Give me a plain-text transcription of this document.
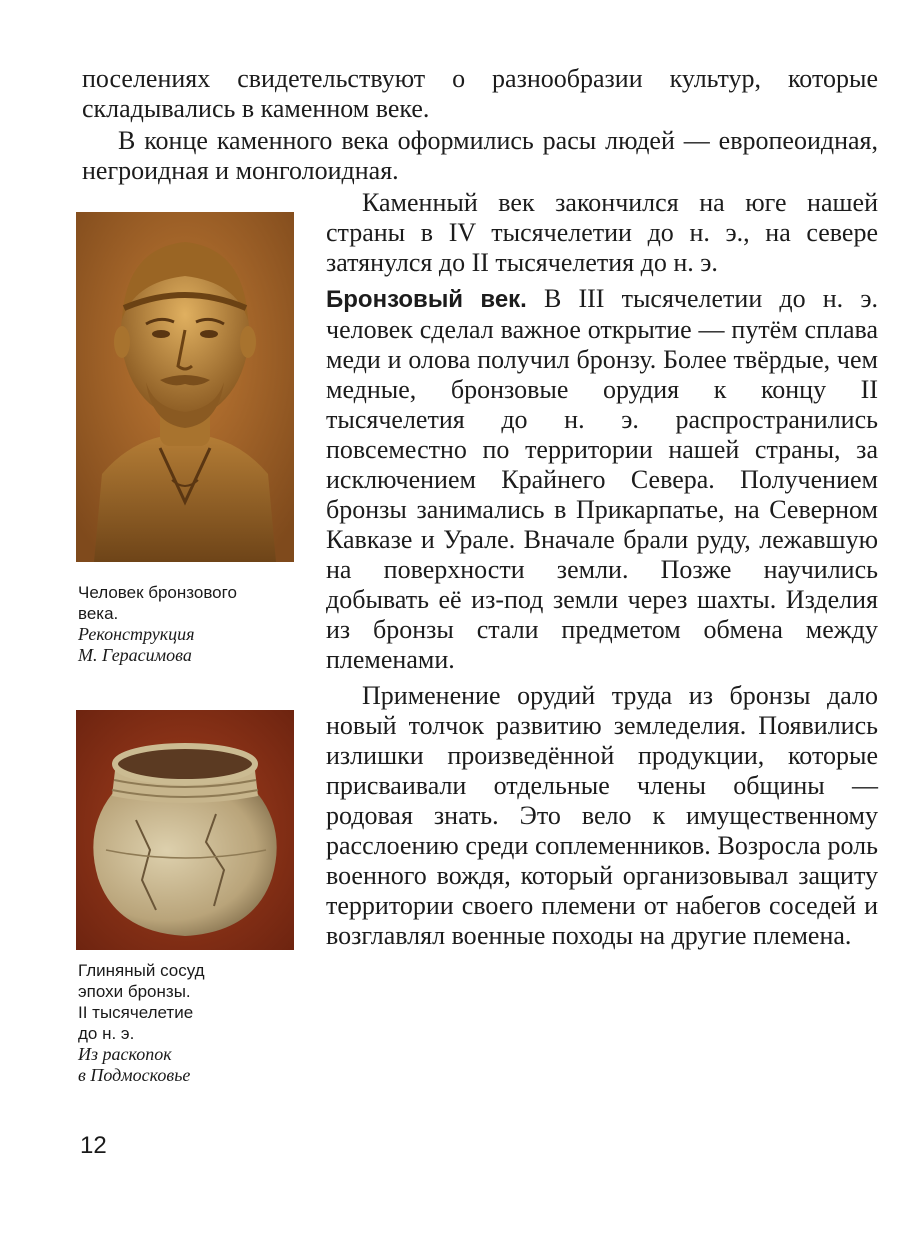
поселениях свидетельствуют о разнообразии культур, которые складывались в каменном веке.

В конце каменного века оформились расы людей — европеоидная, негроидная и монголоидная.

Человек бронзового
века.
Реконструкция
М. Герасимова
Глиняный сосуд
эпохи бронзы.
II тысячелетие
до н. э.
Из раскопок
в Подмосковье

Каменный век закончился на юге нашей страны в IV тысячелетии до н. э., на севере затянулся до II тысячелетия до н. э.

Бронзовый век. В III тысячелетии до н. э. человек сделал важное открытие — путём сплава меди и олова получил бронзу. Более твёрдые, чем медные, бронзовые орудия к концу II тысячелетия до н. э. распространились повсеместно по территории нашей страны, за исключением Крайнего Севера. Получением бронзы занимались в Прикарпатье, на Северном Кавказе и Урале. Вначале брали руду, лежавшую на поверхности земли. Позже научились добывать её из-под земли через шахты. Изделия из бронзы стали предметом обмена между племенами.

Применение орудий труда из бронзы дало новый толчок развитию земледелия. Появились излишки произведённой продукции, которые присваивали отдельные члены общины — родовая знать. Это вело к имущественному расслоению среди соплеменников. Возросла роль военного вождя, который организовывал защиту территории своего племени от набегов соседей и возглавлял военные походы на другие племена.

12
